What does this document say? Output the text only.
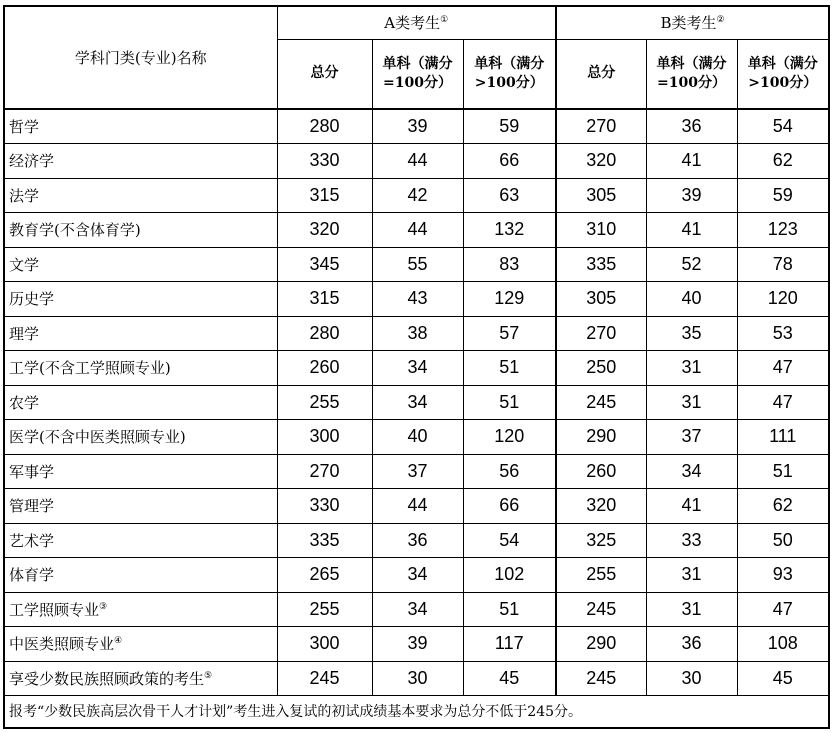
学科门类(专业)名称	A类考生①			B类考生②
	总分	单科（满分=100分）	单科（满分>100分）	总分	单科（满分=100分）	单科（满分>100分）
哲学	280	39	59	270	36	54
经济学	330	44	66	320	41	62
法学	315	42	63	305	39	59
教育学(不含体育学)	320	44	132	310	41	123
文学	345	55	83	335	52	78
历史学	315	43	129	305	40	120
理学	280	38	57	270	35	53
工学(不含工学照顾专业)	260	34	51	250	31	47
农学	255	34	51	245	31	47
医学(不含中医类照顾专业)	300	40	120	290	37	111
军事学	270	37	56	260	34	51
管理学	330	44	66	320	41	62
艺术学	335	36	54	325	33	50
体育学	265	34	102	255	31	93
工学照顾专业③	255	34	51	245	31	47
中医类照顾专业④	300	39	117	290	36	108
享受少数民族照顾政策的考生⑤	245	30	45	245	30	45
报考“少数民族高层次骨干人才计划”考生进入复试的初试成绩基本要求为总分不低于245分。						
